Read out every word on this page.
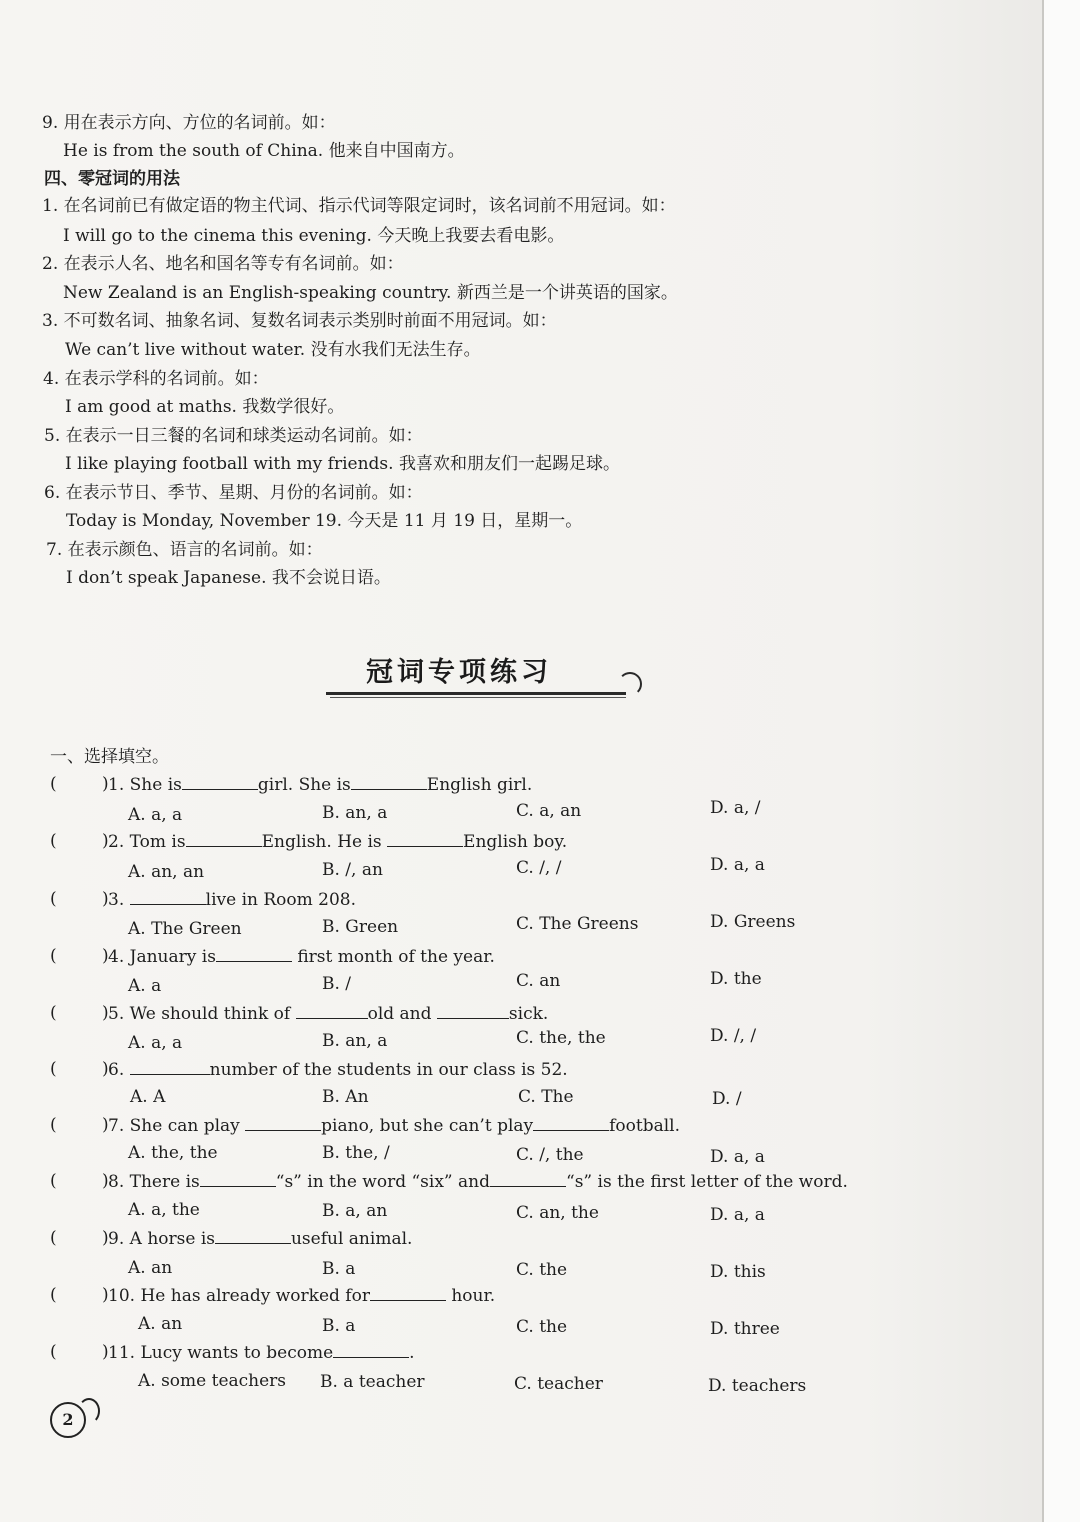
9. 用在表示方向、方位的名词前。如：
He is from the south of China. 他来自中国南方。
四、零冠词的用法
1. 在名词前已有做定语的物主代词、指示代词等限定词时，该名词前不用冠词。如：
I will go to the cinema this evening. 今天晚上我要去看电影。
2. 在表示人名、地名和国名等专有名词前。如：
New Zealand is an English-speaking country. 新西兰是一个讲英语的国家。
3. 不可数名词、抽象名词、复数名词表示类别时前面不用冠词。如：
We can’t live without water. 没有水我们无法生存。
4. 在表示学科的名词前。如：
I am good at maths. 我数学很好。
5. 在表示一日三餐的名词和球类运动名词前。如：
I like playing football with my friends. 我喜欢和朋友们一起踢足球。
6. 在表示节日、季节、星期、月份的名词前。如：
Today is Monday, November 19. 今天是 11 月 19 日，星期一。
7. 在表示颜色、语言的名词前。如：
I don’t speak Japanese. 我不会说日语。
冠词专项练习
一、选择填空。
(	) 1. She is	girl. She is	English girl.
A. a, a	B. an, a	C. a, an	D. a, /
(	) 2. Tom is	English. He is	English boy.
A. an, an	B. /, an	C. /, /	D. a, a
(	) 3.	live in Room 208.
A. The Green	B. Green	C. The Greens	D. Greens
(	) 4. January is	first month of the year.
A. a	B. /	C. an	D. the
(	) 5. We should think of	old and	sick.
A. a, a	B. an, a	C. the, the	D. /, /
(	) 6.	number of the students in our class is 52.
A. A	B. An	C. The	D. /
(	) 7. She can play	piano, but she can’t play	football.
A. the, the	B. the, /	C. /, the	D. a, a
(	) 8. There is	“s” in the word “six” and	“s” is the first letter of the word.
A. a, the	B. a, an	C. an, the	D. a, a
(	) 9. A horse is	useful animal.
A. an	B. a	C. the	D. this
(	) 10. He has already worked for	hour.
A. an	B. a	C. the	D. three
(	) 11. Lucy wants to become	.
A. some teachers B. a teacher	C. teacher	D. teachers
2
